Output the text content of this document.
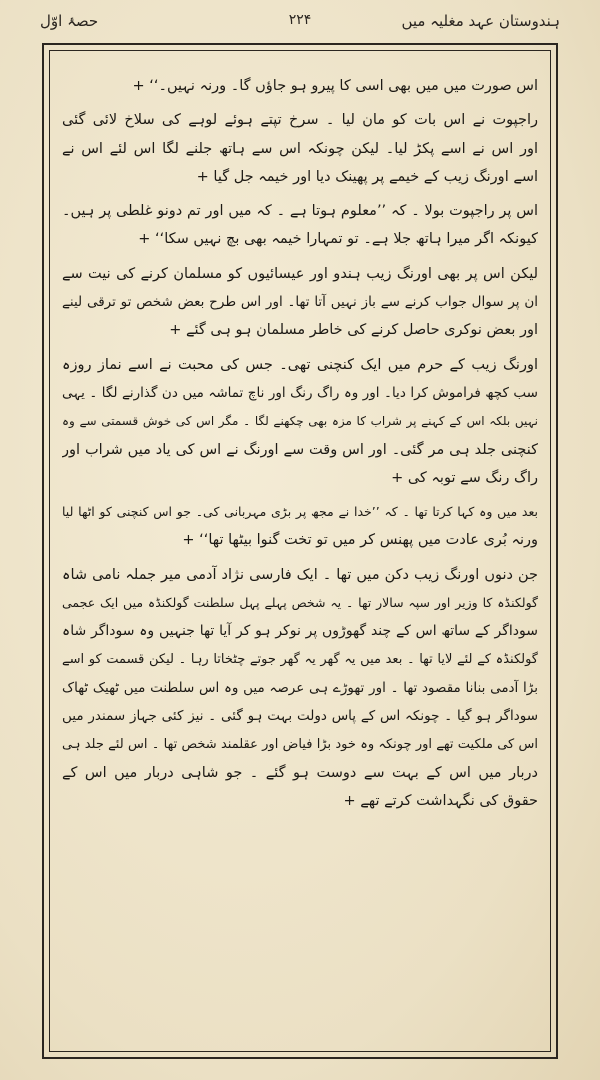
ہندوستان عہد مغلیہ میں
۲۲۴
حصۂ اوّل
اس صورت میں میں بھی اسی کا پیرو ہو جاؤں گا۔ ورنہ نہیں۔‘‘ +
راجپوت نے اس بات کو مان لیا ۔ سرخ تپتے ہوئے لوہے کی سلاخ لائی گئی
اور اس نے اسے پکڑ لیا۔ لیکن چونکہ اس سے ہاتھ جلنے لگا اس لئے اس نے
اسے اورنگ زیب کے خیمے پر پھینک دیا اور خیمہ جل گیا +
اس پر راجپوت بولا ۔ کہ ’’معلوم ہوتا ہے ۔ کہ میں اور تم دونو غلطی پر ہیں۔
کیونکہ اگر میرا ہاتھ جلا ہے۔ تو تمہارا خیمہ بھی بچ نہیں سکا‘‘ +
لیکن اس پر بھی اورنگ زیب ہندو اور عیسائیوں کو مسلمان کرنے کی نیت سے
ان پر سوال جواب کرنے سے باز نہیں آتا تھا۔ اور اس طرح بعض شخص تو ترقی لینے
اور بعض نوکری حاصل کرنے کی خاطر مسلمان ہو ہی گئے +
اورنگ زیب کے حرم میں ایک کنچنی تھی۔ جس کی محبت نے اسے نماز روزہ
سب کچھ فراموش کرا دیا۔ اور وہ راگ رنگ اور ناچ تماشہ میں دن گذارنے لگا ۔ یہی
نہیں بلکہ اس کے کہنے پر شراب کا مزہ بھی چکھنے لگا ۔ مگر اس کی خوش قسمتی سے وہ
کنچنی جلد ہی مر گئی۔ اور اس وقت سے اورنگ نے اس کی یاد میں شراب اور
راگ رنگ سے توبہ کی +
بعد میں وہ کہا کرتا تھا ۔ کہ ’’خدا نے مجھ پر بڑی مہربانی کی۔ جو اس کنچنی کو اٹھا لیا
ورنہ بُری عادت میں پھنس کر میں تو تخت گنوا بیٹھا تھا‘‘ +
جن دنوں اورنگ زیب دکن میں تھا ۔ ایک فارسی نژاد آدمی میر جملہ نامی شاہ
گولکنڈہ کا وزیر اور سپہ سالار تھا ۔ یہ شخص پہلے پہل سلطنت گولکنڈہ میں ایک عجمی
سوداگر کے ساتھ اس کے چند گھوڑوں پر نوکر ہو کر آیا تھا جنہیں وہ سوداگر شاہ
گولکنڈہ کے لئے لایا تھا ۔ بعد میں یہ گھر یہ گھر جوتے چٹخاتا رہا ۔ لیکن قسمت کو اسے
بڑا آدمی بنانا مقصود تھا ۔ اور تھوڑے ہی عرصہ میں وہ اس سلطنت میں ٹھیک ٹھاک
سوداگر ہو گیا ۔ چونکہ اس کے پاس دولت بہت ہو گئی ۔ نیز کئی جہاز سمندر میں
اس کی ملکیت تھے اور چونکہ وہ خود بڑا فیاض اور عقلمند شخص تھا ۔ اس لئے جلد ہی
دربار میں اس کے بہت سے دوست ہو گئے ۔ جو شاہی دربار میں اس کے
حقوق کی نگہداشت کرتے تھے +
